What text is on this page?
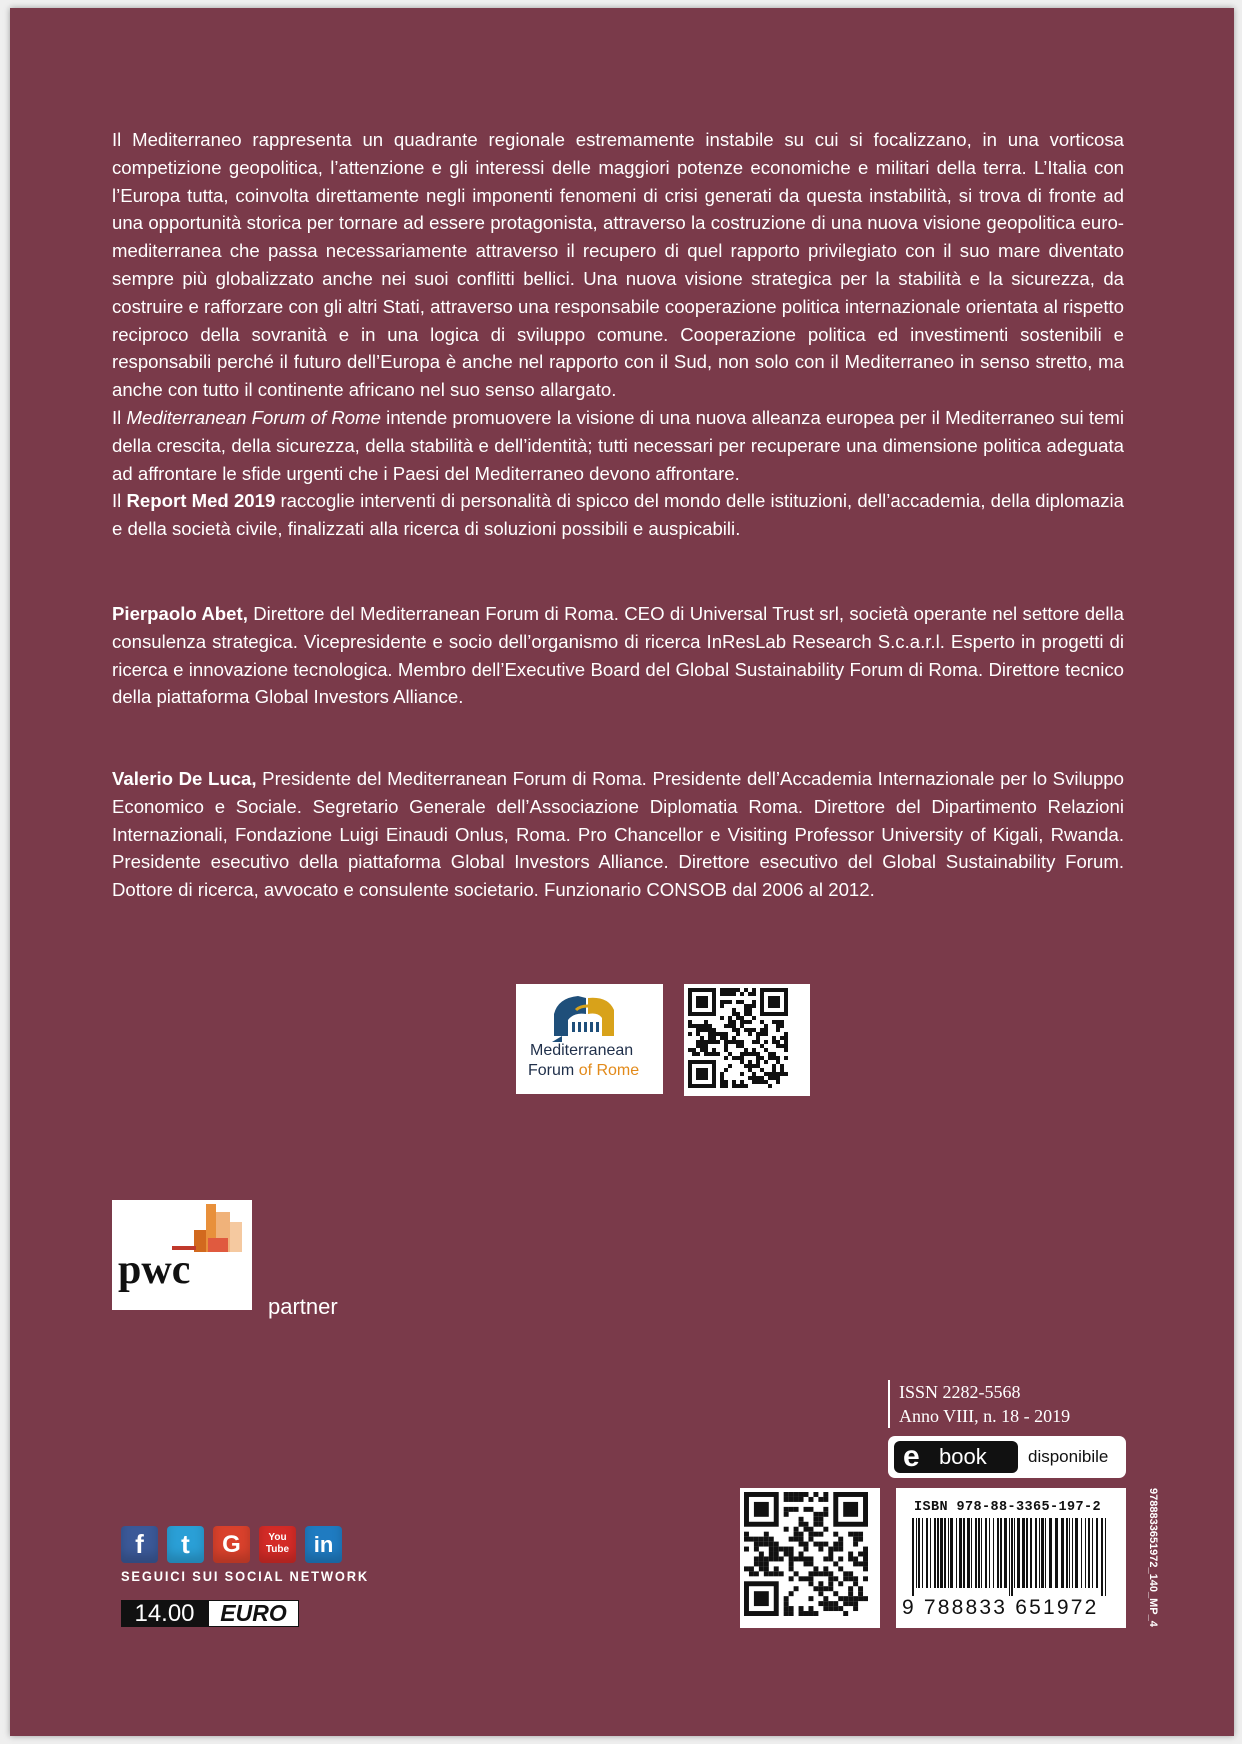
Il Mediterraneo rappresenta un quadrante regionale estremamente instabile su cui si focalizzano, in una vorticosa competizione geopolitica, l’attenzione e gli interessi delle maggiori potenze economiche e militari della terra. L’Italia con l’Europa tutta, coinvolta direttamente negli imponenti fenomeni di crisi generati da questa instabilità, si trova di fronte ad una opportunità storica per tornare ad essere protagonista, attraverso la costruzione di una nuova visione geopolitica euro-mediterranea che passa necessariamente attraverso il recupero di quel rapporto privilegiato con il suo mare diventato sempre più globalizzato anche nei suoi conflitti bellici. Una nuova visione strategica per la stabilità e la sicurezza, da costruire e rafforzare con gli altri Stati, attraverso una responsabile cooperazione politica internazionale orientata al rispetto reciproco della sovranità e in una logica di sviluppo comune. Cooperazione politica ed investimenti sostenibili e responsabili perché il futuro dell’Europa è anche nel rapporto con il Sud, non solo con il Mediterraneo in senso stretto, ma anche con tutto il continente africano nel suo senso allargato.

Il Mediterranean Forum of Rome intende promuovere la visione di una nuova alleanza europea per il Mediterraneo sui temi della crescita, della sicurezza, della stabilità e dell’identità; tutti necessari per recuperare una dimensione politica adeguata ad affrontare le sfide urgenti che i Paesi del Mediterraneo devono affrontare.

Il Report Med 2019 raccoglie interventi di personalità di spicco del mondo delle istituzioni, dell’accademia, della diplomazia e della società civile, finalizzati alla ricerca di soluzioni possibili e auspicabili.

Pierpaolo Abet, Direttore del Mediterranean Forum di Roma. CEO di Universal Trust srl, società operante nel settore della consulenza strategica. Vicepresidente e socio dell’organismo di ricerca InResLab Research S.c.a.r.l. Esperto in progetti di ricerca e innovazione tecnologica. Membro dell’Executive Board del Global Sustainability Forum di Roma. Direttore tecnico della piattaforma Global Investors Alliance.

Valerio De Luca, Presidente del Mediterranean Forum di Roma. Presidente dell’Accademia Internazionale per lo Sviluppo Economico e Sociale. Segretario Generale dell’Associazione Diplomatia Roma. Direttore del Dipartimento Relazioni Internazionali, Fondazione Luigi Einaudi Onlus, Roma. Pro Chancellor e Visiting Professor University of Kigali, Rwanda. Presidente esecutivo della piattaforma Global Investors Alliance. Direttore esecutivo del Global Sustainability Forum. Dottore di ricerca, avvocato e consulente societario. Funzionario CONSOB dal 2006 al 2012.

Mediterranean
Forum of Rome
pwc
partner
ISSN 2282-5568
Anno VIII, n. 18 - 2019
e book disponibile
ISBN 978-88-3365-197-2
9 788833 651972	9788833651972_140_MP_4
f	t	G	You Tube	in
SEGUICI SUI SOCIAL NETWORK
14.00	EURO
